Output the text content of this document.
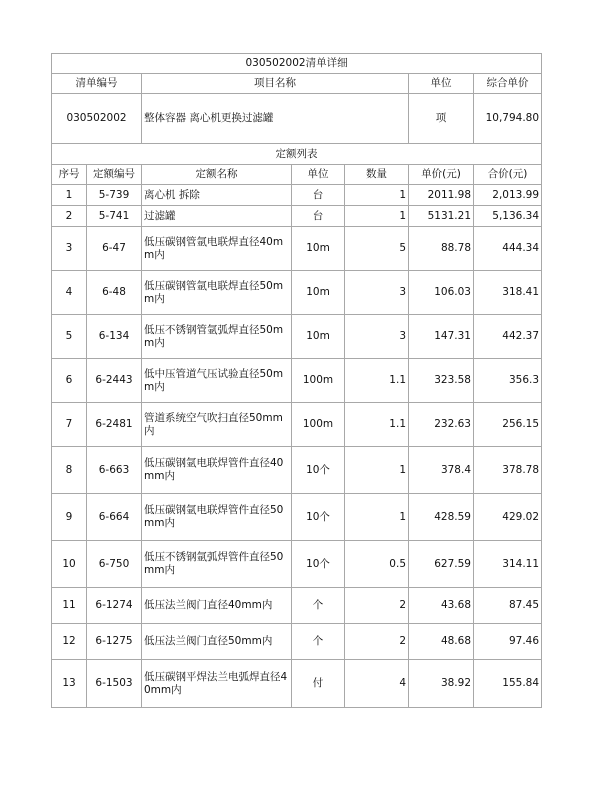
030502002清单详细						
清单编号		项目名称			单位	综合单价
030502002		整体容器 离心机更换过滤罐			项	10,794.80
定额列表						
序号	定额编号	定额名称	单位	数量	单价(元)	合价(元)
1	5-739	离心机 拆除	台	1	2011.98	2,013.99
2	5-741	过滤罐	台	1	5131.21	5,136.34
3	6-47	低压碳钢管氩电联焊直径40mm内	10m	5	88.78	444.34
4	6-48	低压碳钢管氩电联焊直径50mm内	10m	3	106.03	318.41
5	6-134	低压不锈钢管氩弧焊直径50mm内	10m	3	147.31	442.37
6	6-2443	低中压管道气压试验直径50mm内	100m	1.1	323.58	356.3
7	6-2481	管道系统空气吹扫直径50mm内	100m	1.1	232.63	256.15
8	6-663	低压碳钢氩电联焊管件直径40mm内	10个	1	378.4	378.78
9	6-664	低压碳钢氩电联焊管件直径50mm内	10个	1	428.59	429.02
10	6-750	低压不锈钢氩弧焊管件直径50mm内	10个	0.5	627.59	314.11
11	6-1274	低压法兰阀门直径40mm内	个	2	43.68	87.45
12	6-1275	低压法兰阀门直径50mm内	个	2	48.68	97.46
13	6-1503	低压碳钢平焊法兰电弧焊直径40mm内	付	4	38.92	155.84
